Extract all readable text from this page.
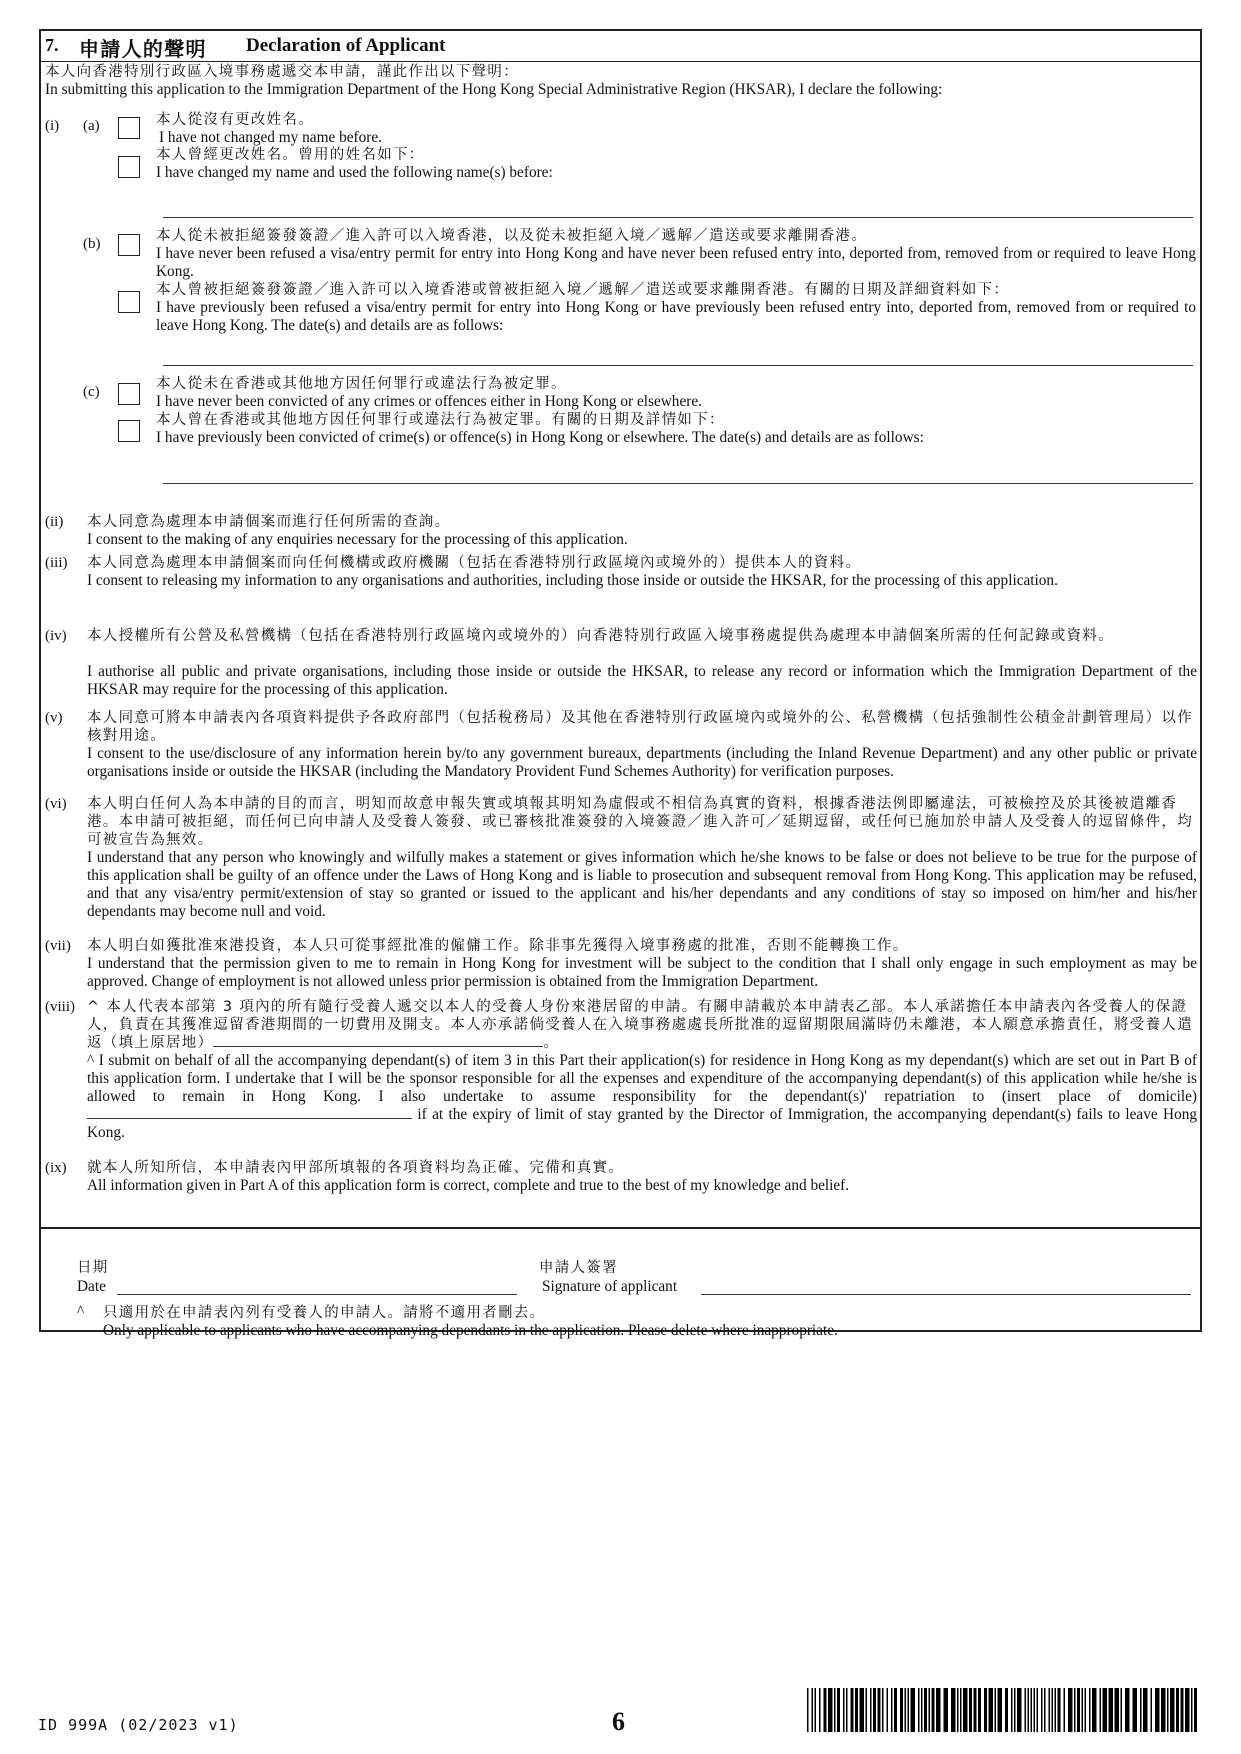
7. 申請人的聲明 Declaration of Applicant
本人向香港特別行政區入境事務處遞交本申請，謹此作出以下聲明：
In submitting this application to the Immigration Department of the Hong Kong Special Administrative Region (HKSAR), I declare the following:
(i) (a)	本人從沒有更改姓名。
I have not changed my name before.
本人曾經更改姓名。曾用的姓名如下：
I have changed my name and used the following name(s) before:
(b)	本人從未被拒絕簽發簽證／進入許可以入境香港，以及從未被拒絕入境／遞解／遣送或要求離開香港。
I have never been refused a visa/entry permit for entry into Hong Kong and have never been refused entry into, deported from, removed from or required to leave Hong Kong.
本人曾被拒絕簽發簽證／進入許可以入境香港或曾被拒絕入境／遞解／遣送或要求離開香港。有關的日期及詳細資料如下：
I have previously been refused a visa/entry permit for entry into Hong Kong or have previously been refused entry into, deported from, removed from or required to leave Hong Kong. The date(s) and details are as follows:
(c)	本人從未在香港或其他地方因任何罪行或違法行為被定罪。
I have never been convicted of any crimes or offences either in Hong Kong or elsewhere.
本人曾在香港或其他地方因任何罪行或違法行為被定罪。有關的日期及詳情如下：
I have previously been convicted of crime(s) or offence(s) in Hong Kong or elsewhere. The date(s) and details are as follows:
(ii) 本人同意為處理本申請個案而進行任何所需的查詢。
I consent to the making of any enquiries necessary for the processing of this application.
(iii) 本人同意為處理本申請個案而向任何機構或政府機關（包括在香港特別行政區境內或境外的）提供本人的資料。
I consent to releasing my information to any organisations and authorities, including those inside or outside the HKSAR, for the processing of this application.
(iv) 本人授權所有公營及私營機構（包括在香港特別行政區境內或境外的）向香港特別行政區入境事務處提供為處理本申請個案所需的任何記錄或資料。
I authorise all public and private organisations, including those inside or outside the HKSAR, to release any record or information which the Immigration Department of the HKSAR may require for the processing of this application.
(v) 本人同意可將本申請表內各項資料提供予各政府部門（包括稅務局）及其他在香港特別行政區境內或境外的公、私營機構（包括強制性公積金計劃管理局）以作核對用途。
I consent to the use/disclosure of any information herein by/to any government bureaux, departments (including the Inland Revenue Department) and any other public or private organisations inside or outside the HKSAR (including the Mandatory Provident Fund Schemes Authority) for verification purposes.
(vi) 本人明白任何人為本申請的目的而言，明知而故意申報失實或填報其明知為虛假或不相信為真實的資料，根據香港法例即屬違法，可被檢控及於其後被遣離香港。本申請可被拒絕，而任何已向申請人及受養人簽發、或已審核批准簽發的入境簽證／進入許可／延期逗留，或任何已施加於申請人及受養人的逗留條件，均可被宣告為無效。
I understand that any person who knowingly and wilfully makes a statement or gives information which he/she knows to be false or does not believe to be true for the purpose of this application shall be guilty of an offence under the Laws of Hong Kong and is liable to prosecution and subsequent removal from Hong Kong. This application may be refused, and that any visa/entry permit/extension of stay so granted or issued to the applicant and his/her dependants and any conditions of stay so imposed on him/her and his/her dependants may become null and void.
(vii) 本人明白如獲批准來港投資，本人只可從事經批准的僱傭工作。除非事先獲得入境事務處的批准，否則不能轉換工作。
I understand that the permission given to me to remain in Hong Kong for investment will be subject to the condition that I shall only engage in such employment as may be approved. Change of employment is not allowed unless prior permission is obtained from the Immigration Department.
(viii) ^ 本人代表本部第 3 項內的所有隨行受養人遞交以本人的受養人身份來港居留的申請。有關申請載於本申請表乙部。本人承諾擔任本申請表內各受養人的保證人，負責在其獲准逗留香港期間的一切費用及開支。本人亦承諾倘受養人在入境事務處處長所批准的逗留期限屆滿時仍未離港，本人願意承擔責任，將受養人遣返（填上原居地）	。
^ I submit on behalf of all the accompanying dependant(s) of item 3 in this Part their application(s) for residence in Hong Kong as my dependant(s) which are set out in Part B of this application form. I undertake that I will be the sponsor responsible for all the expenses and expenditure of the accompanying dependant(s) of this application while he/she is allowed to remain in Hong Kong. I also undertake to assume responsibility for the dependant(s)' repatriation to (insert place of domicile)  if at the expiry of limit of stay granted by the Director of Immigration, the accompanying dependant(s) fails to leave Hong Kong.
(ix) 就本人所知所信，本申請表內甲部所填報的各項資料均為正確、完備和真實。
All information given in Part A of this application form is correct, complete and true to the best of my knowledge and belief.
日期
Date
申請人簽署
Signature of applicant
^ 只適用於在申請表內列有受養人的申請人。請將不適用者刪去。
Only applicable to applicants who have accompanying dependants in the application. Please delete where inappropriate.
ID 999A (02/2023 v1)	6
